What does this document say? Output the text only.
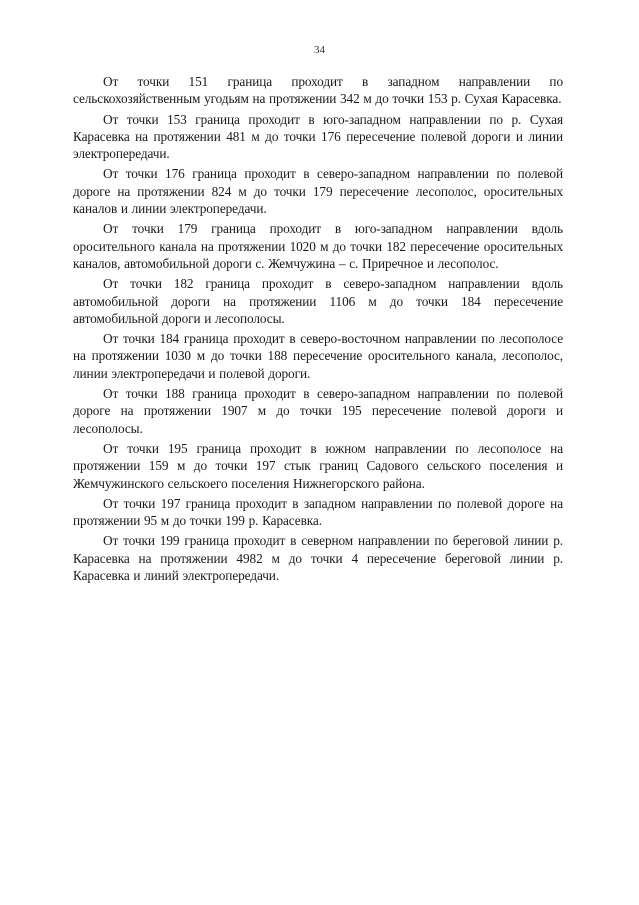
34

От точки 151 граница проходит в западном направлении по сельскохозяйственным угодьям на протяжении 342 м до точки 153 р. Сухая Карасевка.

От точки 153 граница проходит в юго-западном направлении по р. Сухая Карасевка на протяжении 481 м до точки 176 пересечение полевой дороги и линии электропередачи.

От точки 176 граница проходит в северо-западном направлении по полевой дороге на протяжении 824 м до точки 179 пересечение лесополос, оросительных каналов и линии электропередачи.

От точки 179 граница проходит в юго-западном направлении вдоль оросительного канала на протяжении 1020 м до точки 182 пересечение оросительных каналов, автомобильной дороги с. Жемчужина – с. Приречное и лесополос.

От точки 182 граница проходит в северо-западном направлении вдоль автомобильной дороги на протяжении 1106 м до точки 184 пересечение автомобильной дороги и лесополосы.

От точки 184 граница проходит в северо-восточном направлении по лесополосе на протяжении 1030 м до точки 188 пересечение оросительного канала, лесополос, линии электропередачи и полевой дороги.

От точки 188 граница проходит в северо-западном направлении по полевой дороге на протяжении 1907 м до точки 195 пересечение полевой дороги и лесополосы.

От точки 195 граница проходит в южном направлении по лесополосе на протяжении 159 м до точки 197 стык границ Садового сельского поселения и Жемчужинского сельскоего поселения Нижнегорского района.

От точки 197 граница проходит в западном направлении по полевой дороге на протяжении 95 м до точки 199 р. Карасевка.

От точки 199 граница проходит в северном направлении по береговой линии р. Карасевка на протяжении 4982 м до точки 4 пересечение береговой линии р. Карасевка и линий электропередачи.
